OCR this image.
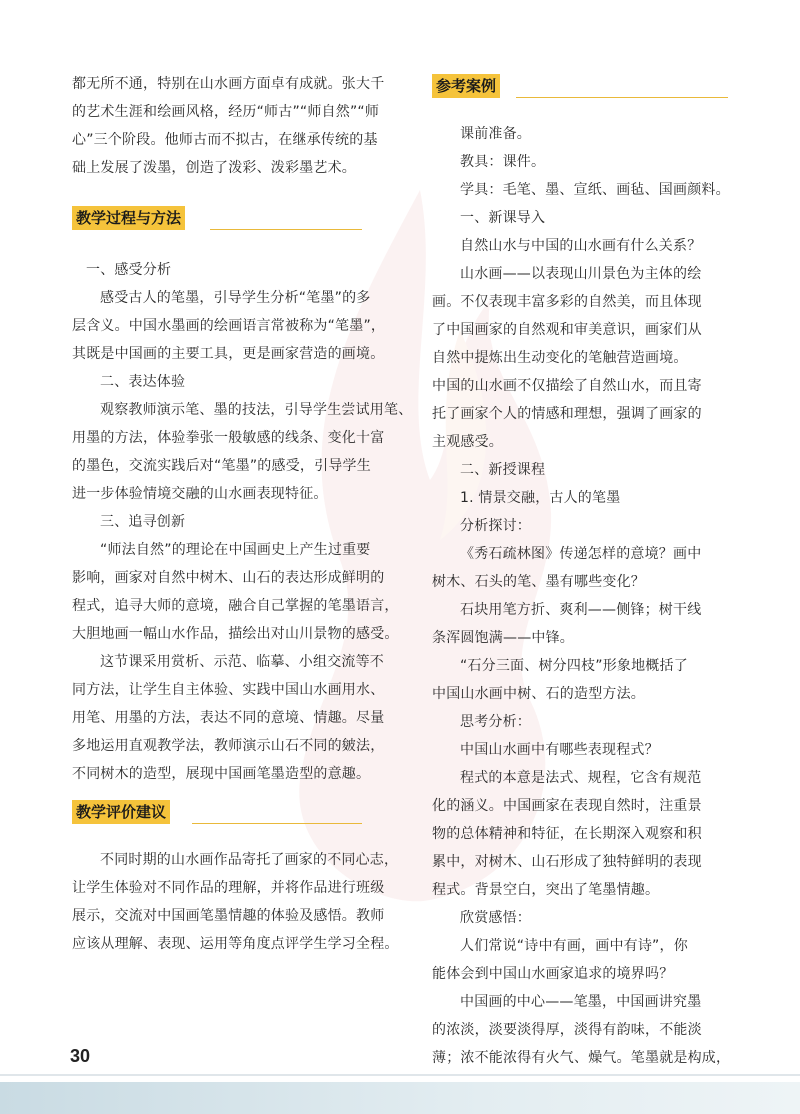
都无所不通，特别在山水画方面卓有成就。张大千
的艺术生涯和绘画风格，经历“师古”“师自然”“师
心”三个阶段。他师古而不拟古，在继承传统的基
础上发展了泼墨，创造了泼彩、泼彩墨艺术。
教学过程与方法
一、感受分析
感受古人的笔墨，引导学生分析“笔墨”的多
层含义。中国水墨画的绘画语言常被称为“笔墨”，
其既是中国画的主要工具，更是画家营造的画境。
二、表达体验
观察教师演示笔、墨的技法，引导学生尝试用笔、
用墨的方法，体验拳张一般敏感的线条、变化十富
的墨色，交流实践后对“笔墨”的感受，引导学生
进一步体验情境交融的山水画表现特征。
三、追寻创新
“师法自然”的理论在中国画史上产生过重要
影响，画家对自然中树木、山石的表达形成鲜明的
程式，追寻大师的意境，融合自己掌握的笔墨语言，
大胆地画一幅山水作品，描绘出对山川景物的感受。
这节课采用赏析、示范、临摹、小组交流等不
同方法，让学生自主体验、实践中国山水画用水、
用笔、用墨的方法，表达不同的意境、情趣。尽量
多地运用直观教学法，教师演示山石不同的皴法，
不同树木的造型，展现中国画笔墨造型的意趣。
教学评价建议
不同时期的山水画作品寄托了画家的不同心志，
让学生体验对不同作品的理解，并将作品进行班级
展示，交流对中国画笔墨情趣的体验及感悟。教师
应该从理解、表现、运用等角度点评学生学习全程。
参考案例
课前准备。
教具：课件。
学具：毛笔、墨、宣纸、画毡、国画颜料。
一、新课导入
自然山水与中国的山水画有什么关系？
山水画——以表现山川景色为主体的绘
画。不仅表现丰富多彩的自然美，而且体现
了中国画家的自然观和审美意识，画家们从
自然中提炼出生动变化的笔触营造画境。
中国的山水画不仅描绘了自然山水，而且寄
托了画家个人的情感和理想，强调了画家的
主观感受。
二、新授课程
1. 情景交融，古人的笔墨
分析探讨：
《秀石疏林图》传递怎样的意境？画中
树木、石头的笔、墨有哪些变化？
石块用笔方折、爽利——侧锋；树干线
条浑圆饱满——中锋。
“石分三面、树分四枝”形象地概括了
中国山水画中树、石的造型方法。
思考分析：
中国山水画中有哪些表现程式？
程式的本意是法式、规程，它含有规范
化的涵义。中国画家在表现自然时，注重景
物的总体精神和特征，在长期深入观察和积
累中，对树木、山石形成了独特鲜明的表现
程式。背景空白，突出了笔墨情趣。
欣赏感悟：
人们常说“诗中有画，画中有诗”，你
能体会到中国山水画家追求的境界吗？
中国画的中心——笔墨，中国画讲究墨
的浓淡，淡要淡得厚，淡得有韵味，不能淡
薄；浓不能浓得有火气、燥气。笔墨就是构成，
30
